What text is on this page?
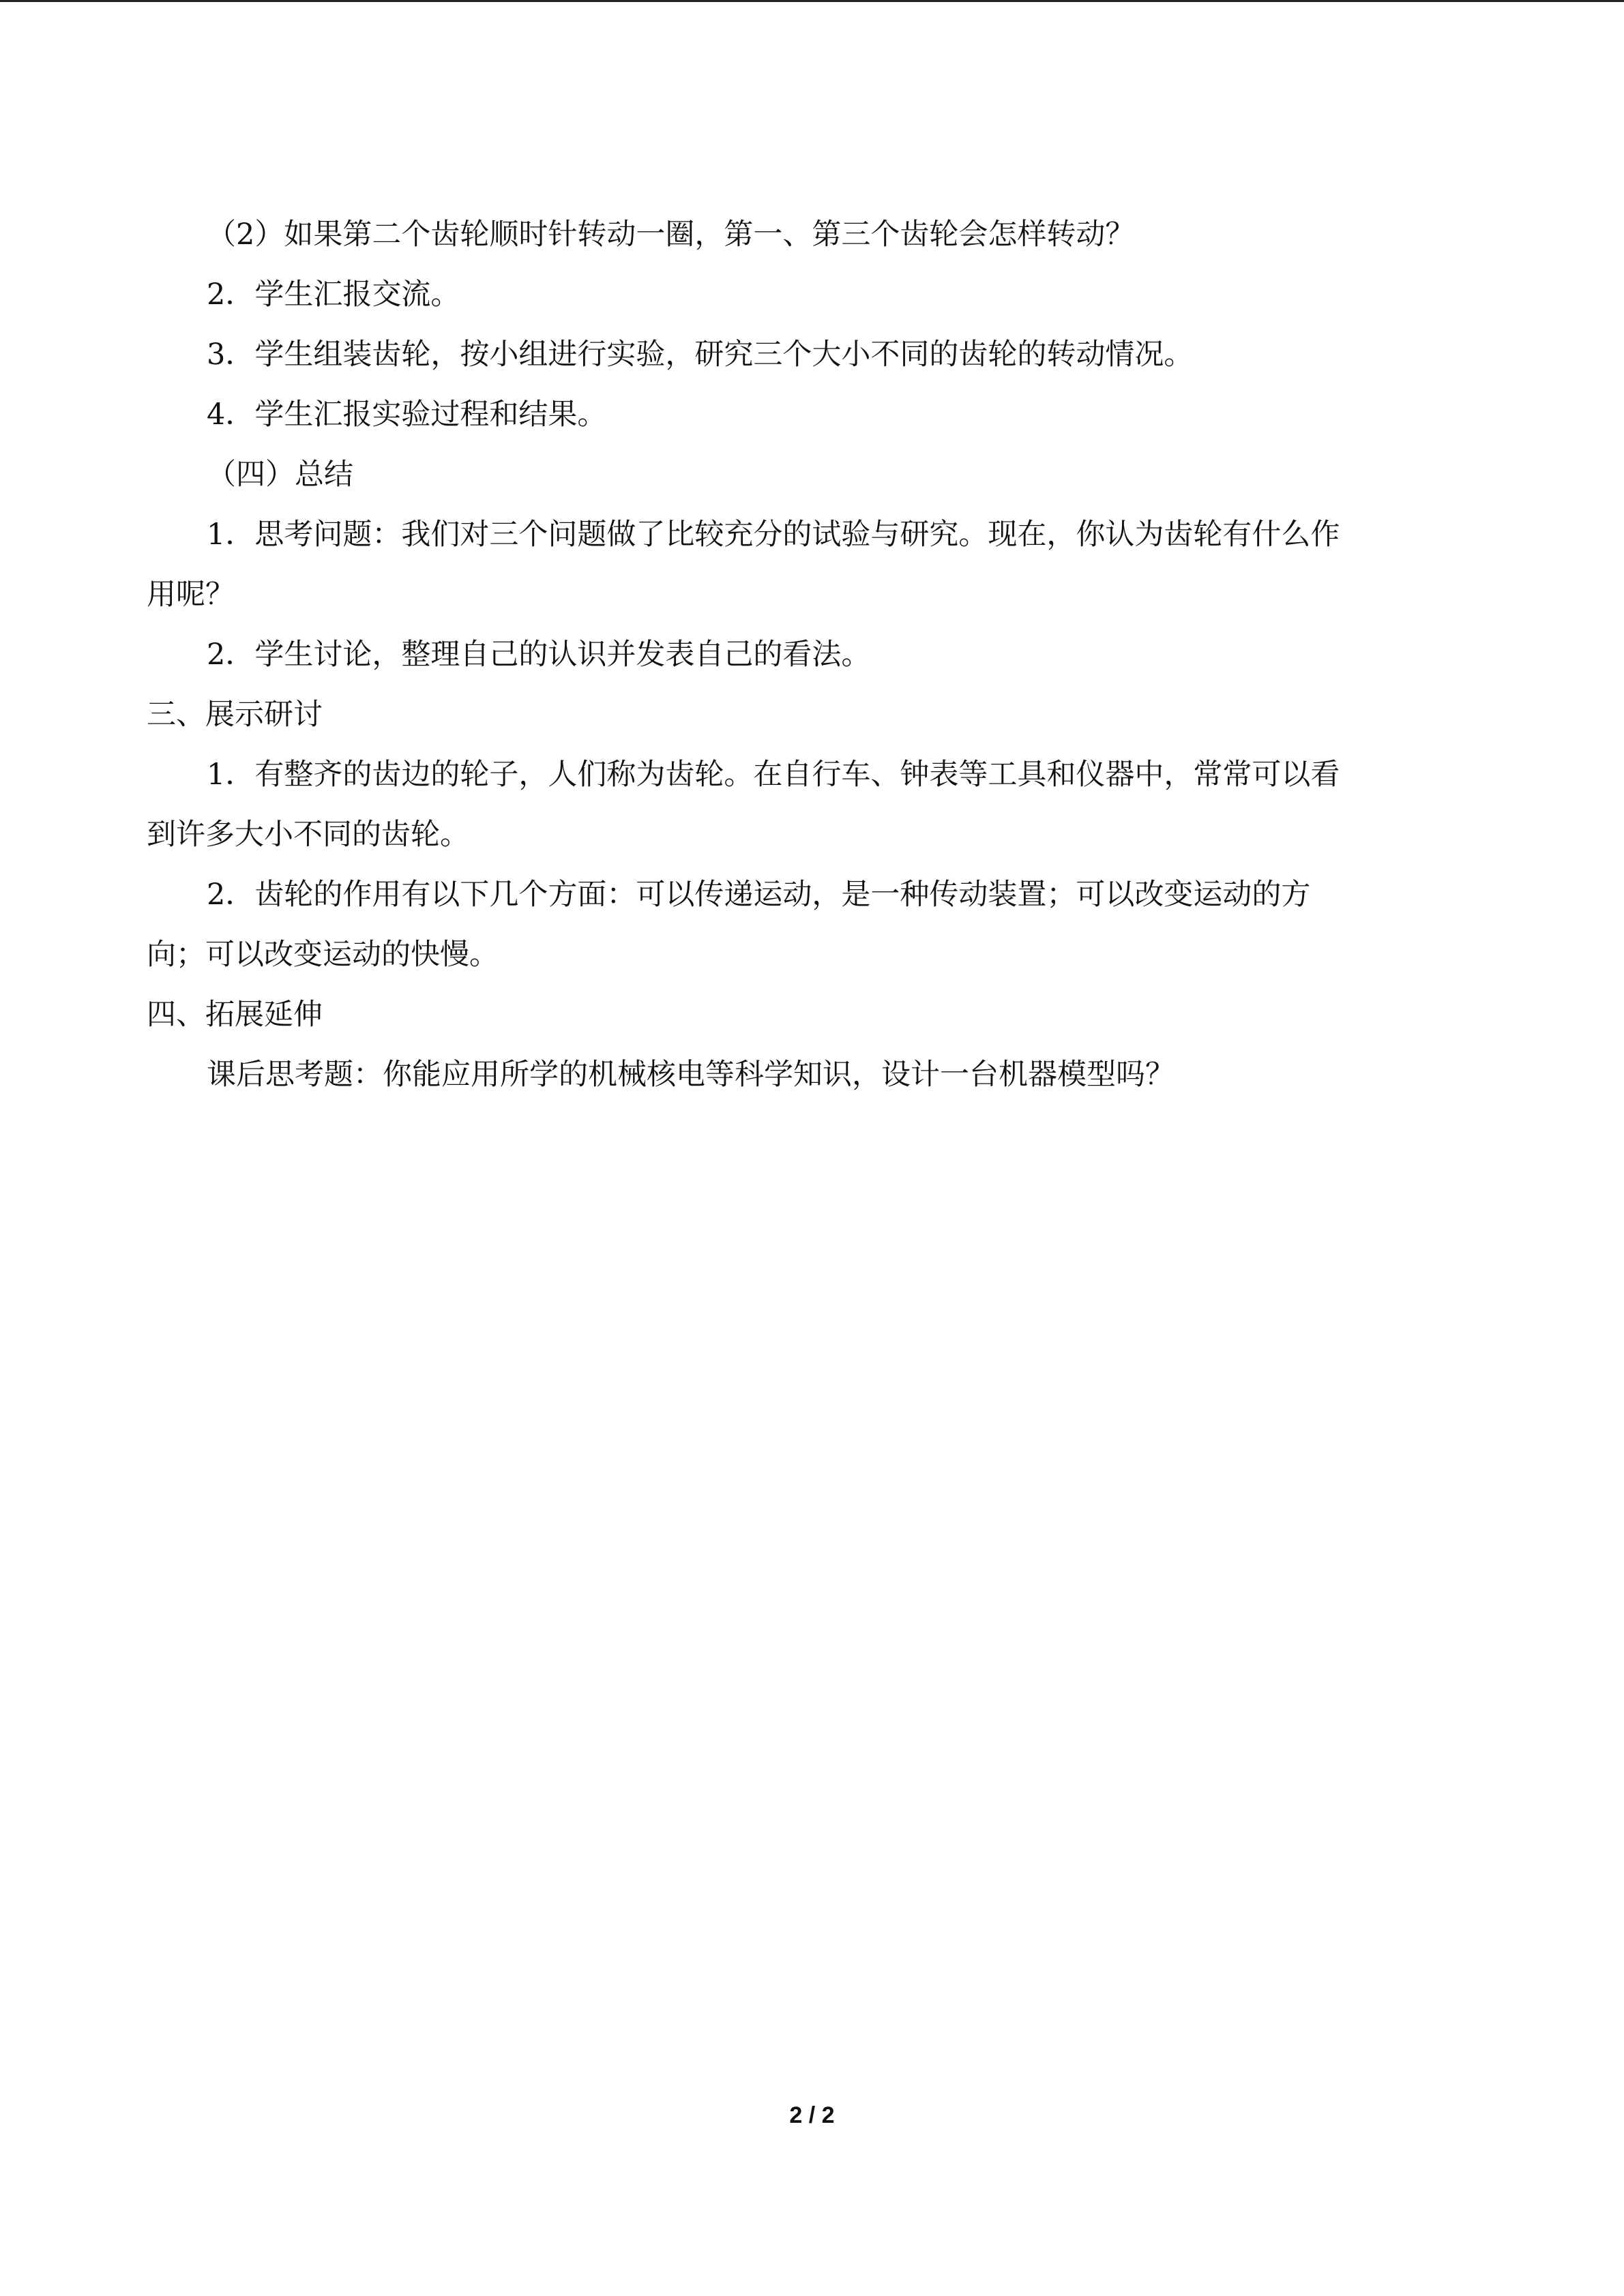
（2）如果第二个齿轮顺时针转动一圈，第一、第三个齿轮会怎样转动？

2．学生汇报交流。

3．学生组装齿轮，按小组进行实验，研究三个大小不同的齿轮的转动情况。

4．学生汇报实验过程和结果。

（四）总结

1．思考问题：我们对三个问题做了比较充分的试验与研究。现在，你认为齿轮有什么作

用呢？

2．学生讨论，整理自己的认识并发表自己的看法。

三、展示研讨

1．有整齐的齿边的轮子，人们称为齿轮。在自行车、钟表等工具和仪器中，常常可以看

到许多大小不同的齿轮。

2．齿轮的作用有以下几个方面：可以传递运动，是一种传动装置；可以改变运动的方

向；可以改变运动的快慢。

四、拓展延伸

课后思考题：你能应用所学的机械核电等科学知识，设计一台机器模型吗？

2 / 2
